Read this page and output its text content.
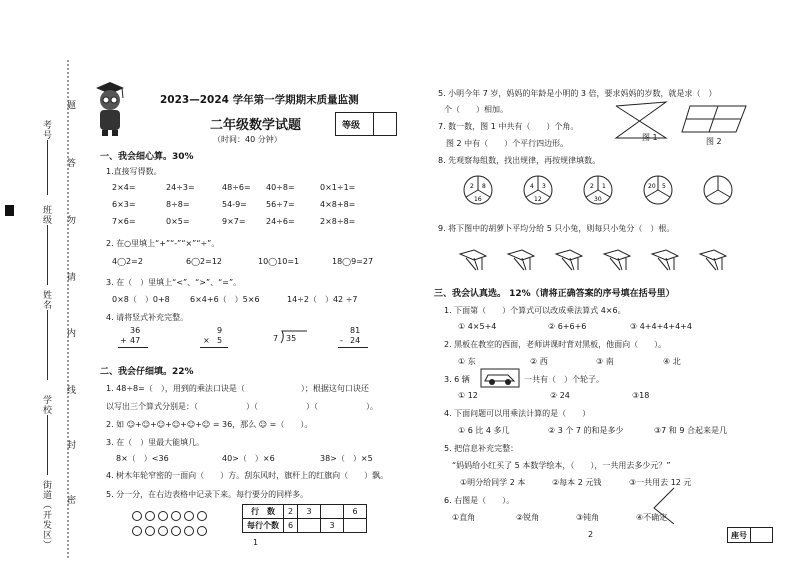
考号
班级
姓名
学校
街道（开发区）
题
答
勿
请
内
线
封
密
2023—2024 学年第一学期期末质量监测
二年级数学试题
（时间：40 分钟）
等级
一、我会细心算。30%
1.直接写得数。
2×4=	24÷3=	48÷6= 40÷8=	0×1÷1=
6×3=	8÷8=	54-9= 56÷7=	4×8+8=
7×6=	0×5=	9×7=	24÷6=	2×8÷8=
2. 在○里填上“+”“-”“×”“÷”。
4◯2=2	6◯2=12	10◯10=1	18◯9=27
3. 在（　）里填上“<”、“>”、“=”。
0×8（　）0+8	6×4+6（　）5×6	14÷2（　）42 ÷7
4. 请将竖式补充完整。
36
+ 47
9
× 5	7 35
81
- 24
二、我会仔细填。22%
1. 48÷8=（　），用到的乘法口诀是（　　　　　　　）；根据这句口诀还
以写出三个算式分别是：（　　　　　　）（　　　　　　）（　　　　　　）。
2. 如 ☺+☺+☺+☺+☺+☺ = 36，那么 ☺ =（　　）。
3. 在（　）里最大能填几。
8×（　）<36	40>（　）×6	38>（　）×5
4. 树木年轮窄密的一面向（　　）方。刮东风时，旗杆上的红旗向（　　）飘。
5. 分一分，在右边表格中记录下来。每行要分的同样多。
行　数	2	3		6
每行个数	6		3	
1
5. 小明今年 7 岁，妈妈的年龄是小明的 3 倍，要求妈妈的岁数，就是求（　）
个（　　）相加。
7. 数一数，图 1 中共有（　　）个角。
图 2 中有（　　）个平行四边形。
图 1	图 2
8. 先观察每组数，找出规律，再按规律填数。
2 8
16
4 3
12
2 1
30
20 5
9. 将下图中的胡萝卜平均分给 5 只小兔，则每只小兔分（　）根。
三、我会认真选。 12%（请将正确答案的序号填在括号里）
1. 下面第（　　）个算式可以改成乘法算式 4×6。
① 4×5+4	② 6+6+6	③ 4+4+4+4+4
2. 黑板在教室的西面，老师讲课时背对黑板，他面向（　　）。
① 东	② 西	③ 南	④ 北
3. 6 辆	一共有（　）个轮子。
① 12	② 24	③18
4. 下面问题可以用乘法计算的是（　　）
① 6 比 4 多几	② 3 个 7 的和是多少	③7 和 9 合起来是几
5. 把信息补充完整：
“妈妈给小红买了 5 本数学绘本，（　　），一共用去多少元？”
①明分给同学 2 本	②每本 2 元钱	③一共用去 12 元
6. 右图是（　　）。
①直角	②锐角	③钝角	④不确定
2	座号
